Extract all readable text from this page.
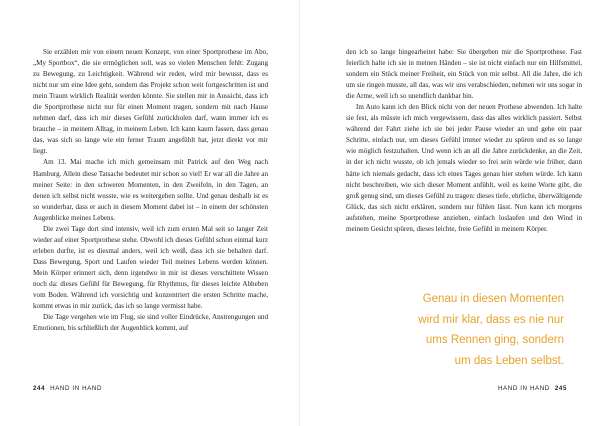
Sie erzählen mir von einem neuen Konzept, von einer Sportprothese im Abo, „My Sportbox“, die sie ermöglichen soll, was so vielen Menschen fehlt: Zugang zu Bewegung, zu Leichtigkeit. Während wir reden, wird mir bewusst, dass es nicht nur um eine Idee geht, sondern das Projekt schon weit fortgeschritten ist und mein Traum wirklich Realität werden könnte. Sie stellen mir in Aussicht, dass ich die Sportprothese nicht nur für einen Moment tragen, sondern mit nach Hause nehmen darf, dass ich mir dieses Gefühl zurückholen darf, wann immer ich es brauche – in meinem Alltag, in meinem Leben. Ich kann kaum fassen, dass genau das, was sich so lange wie ein ferner Traum angefühlt hat, jetzt direkt vor mir liegt.

Am 13. Mai mache ich mich gemeinsam mit Patrick auf den Weg nach Hamburg. Allein diese Tatsache bedeutet mir schon so viel! Er war all die Jahre an meiner Seite: in den schweren Momenten, in den Zweifeln, in den Tagen, an denen ich selbst nicht wusste, wie es weitergehen sollte. Und genau deshalb ist es so wunderbar, dass er auch in diesem Moment dabei ist – in einem der schönsten Augenblicke meines Lebens.

Die zwei Tage dort sind intensiv, weil ich zum ersten Mal seit so langer Zeit wieder auf einer Sportprothese stehe. Obwohl ich dieses Gefühl schon einmal kurz erleben durfte, ist es diesmal anders, weil ich weiß, dass ich sie behalten darf. Dass Bewegung, Sport und Laufen wieder Teil meines Lebens werden können. Mein Körper erinnert sich, denn irgendwo in mir ist dieses verschüttete Wissen noch da: dieses Gefühl für Bewegung, für Rhythmus, für dieses leichte Abheben vom Boden. Während ich vorsichtig und konzentriert die ersten Schritte mache, kommt etwas in mir zurück, das ich so lange vermisst habe.

Die Tage vergehen wie im Flug, sie sind voller Eindrücke, Anstrengungen und Emotionen, bis schließlich der Augenblick kommt, auf

244 HAND IN HAND

den ich so lange hingearbeitet habe: Sie übergeben mir die Sportprothese. Fast feierlich halte ich sie in meinen Händen – sie ist nicht einfach nur ein Hilfsmittel, sondern ein Stück meiner Freiheit, ein Stück von mir selbst. All die Jahre, die ich um sie ringen musste, all das, was wir uns verabschieden, nehmen wir uns sogar in die Arme, weil ich so unendlich dankbar bin.

Im Auto kann ich den Blick nicht von der neuen Prothese abwenden. Ich halte sie fest, als müsste ich mich vergewissern, dass das alles wirklich passiert. Selbst während der Fahrt ziehe ich sie bei jeder Pause wieder an und gehe ein paar Schritte, einfach nur, um dieses Gefühl immer wieder zu spüren und es so lange wie möglich festzuhalten. Und wenn ich an all die Jahre zurückdenke, an die Zeit, in der ich nicht wusste, ob ich jemals wieder so frei sein würde wie früher, dann hätte ich niemals gedacht, dass ich eines Tages genau hier stehen würde. Ich kann nicht beschreiben, wie sich dieser Moment anfühlt, weil es keine Worte gibt, die groß genug sind, um dieses Gefühl zu tragen: dieses tiefe, ehrliche, überwältigende Glück, das sich nicht erklären, sondern nur fühlen lässt. Nun kann ich morgens aufstehen, meine Sportprothese anziehen, einfach loslaufen und den Wind in meinem Gesicht spüren, dieses leichte, freie Gefühl in meinem Körper.

Genau in diesen Momenten
wird mir klar, dass es nie nur
ums Rennen ging, sondern
um das Leben selbst.
HAND IN HAND 245
